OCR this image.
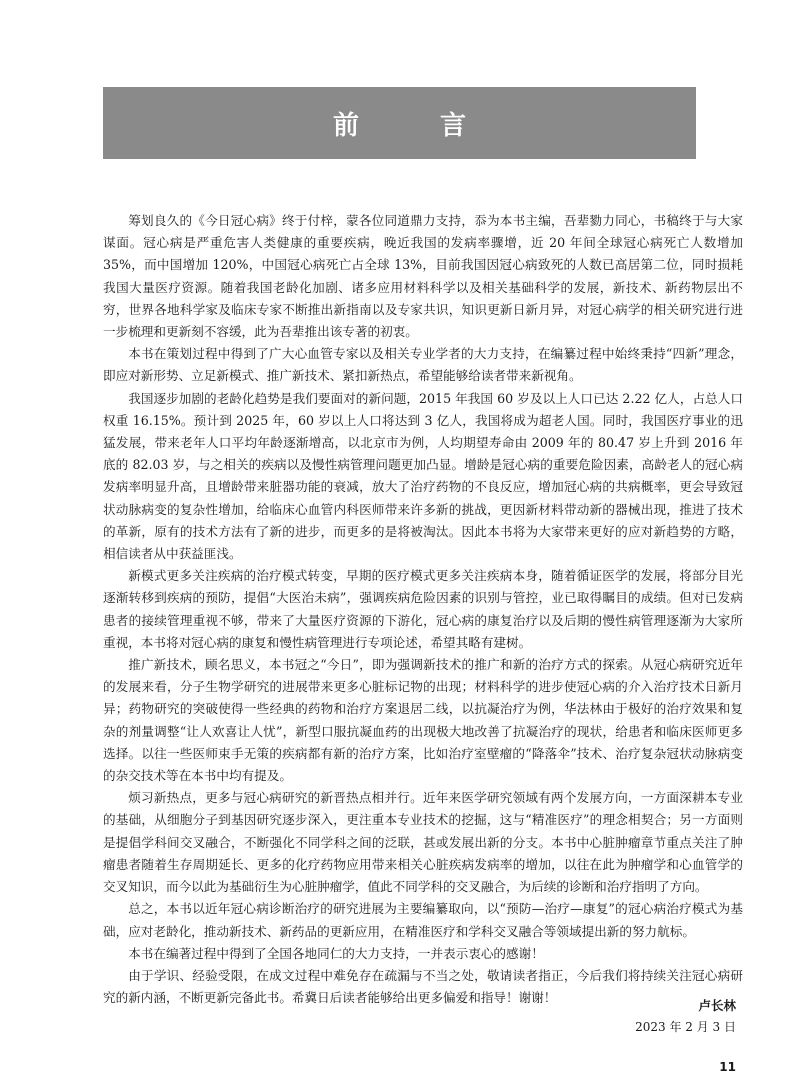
前 言

筹划良久的《今日冠心病》终于付梓，蒙各位同道鼎力支持，忝为本书主编，吾辈勠力同心，书稿终于与大家谋面。冠心病是严重危害人类健康的重要疾病，晚近我国的发病率骤增，近 20 年间全球冠心病死亡人数增加 35%，而中国增加 120%，中国冠心病死亡占全球 13%，目前我国因冠心病致死的人数已高居第二位，同时损耗我国大量医疗资源。随着我国老龄化加剧、诸多应用材料科学以及相关基础科学的发展，新技术、新药物层出不穷，世界各地科学家及临床专家不断推出新指南以及专家共识，知识更新日新月异，对冠心病学的相关研究进行进一步梳理和更新刻不容缓，此为吾辈推出该专著的初衷。

本书在策划过程中得到了广大心血管专家以及相关专业学者的大力支持，在编纂过程中始终秉持“四新”理念，即应对新形势、立足新模式、推广新技术、紧扣新热点，希望能够给读者带来新视角。

我国逐步加剧的老龄化趋势是我们要面对的新问题，2015 年我国 60 岁及以上人口已达 2.22 亿人，占总人口权重 16.15%。预计到 2025 年，60 岁以上人口将达到 3 亿人，我国将成为超老人国。同时，我国医疗事业的迅猛发展，带来老年人口平均年龄逐渐增高，以北京市为例，人均期望寿命由 2009 年的 80.47 岁上升到 2016 年底的 82.03 岁，与之相关的疾病以及慢性病管理问题更加凸显。增龄是冠心病的重要危险因素，高龄老人的冠心病发病率明显升高，且增龄带来脏器功能的衰减，放大了治疗药物的不良反应，增加冠心病的共病概率，更会导致冠状动脉病变的复杂性增加，给临床心血管内科医师带来许多新的挑战，更因新材料带动新的器械出现，推进了技术的革新，原有的技术方法有了新的进步，而更多的是将被淘汰。因此本书将为大家带来更好的应对新趋势的方略，相信读者从中获益匪浅。

新模式更多关注疾病的治疗模式转变，早期的医疗模式更多关注疾病本身，随着循证医学的发展，将部分目光逐渐转移到疾病的预防，提倡“大医治未病”，强调疾病危险因素的识别与管控，业已取得瞩目的成绩。但对已发病患者的接续管理重视不够，带来了大量医疗资源的下游化，冠心病的康复治疗以及后期的慢性病管理逐渐为大家所重视，本书将对冠心病的康复和慢性病管理进行专项论述，希望其略有建树。

推广新技术，顾名思义，本书冠之“今日”，即为强调新技术的推广和新的治疗方式的探索。从冠心病研究近年的发展来看，分子生物学研究的进展带来更多心脏标记物的出现；材料科学的进步使冠心病的介入治疗技术日新月异；药物研究的突破使得一些经典的药物和治疗方案退居二线，以抗凝治疗为例，华法林由于极好的治疗效果和复杂的剂量调整“让人欢喜让人忧”，新型口服抗凝血药的出现极大地改善了抗凝治疗的现状，给患者和临床医师更多选择。以往一些医师束手无策的疾病都有新的治疗方案，比如治疗室壁瘤的“降落伞”技术、治疗复杂冠状动脉病变的杂交技术等在本书中均有提及。

烦习新热点，更多与冠心病研究的新晋热点相并行。近年来医学研究领域有两个发展方向，一方面深耕本专业的基础，从细胞分子到基因研究逐步深入，更注重本专业技术的挖掘，这与“精准医疗”的理念相契合；另一方面则是提倡学科间交叉融合，不断强化不同学科之间的泛联，甚或发展出新的分支。本书中心脏肿瘤章节重点关注了肿瘤患者随着生存周期延长、更多的化疗药物应用带来相关心脏疾病发病率的增加，以往在此为肿瘤学和心血管学的交叉知识，而今以此为基础衍生为心脏肿瘤学，值此不同学科的交叉融合，为后续的诊断和治疗指明了方向。

总之，本书以近年冠心病诊断治疗的研究进展为主要编纂取向，以“预防—治疗—康复”的冠心病治疗模式为基础，应对老龄化，推动新技术、新药品的更新应用，在精准医疗和学科交叉融合等领域提出新的努力航标。

本书在编著过程中得到了全国各地同仁的大力支持，一并表示衷心的感谢！

由于学识、经验受限，在成文过程中难免存在疏漏与不当之处，敬请读者指正，今后我们将持续关注冠心病研究的新内涵，不断更新完备此书。希冀日后读者能够给出更多偏爱和指导！谢谢！

卢长林
2023 年 2 月 3 日
11
